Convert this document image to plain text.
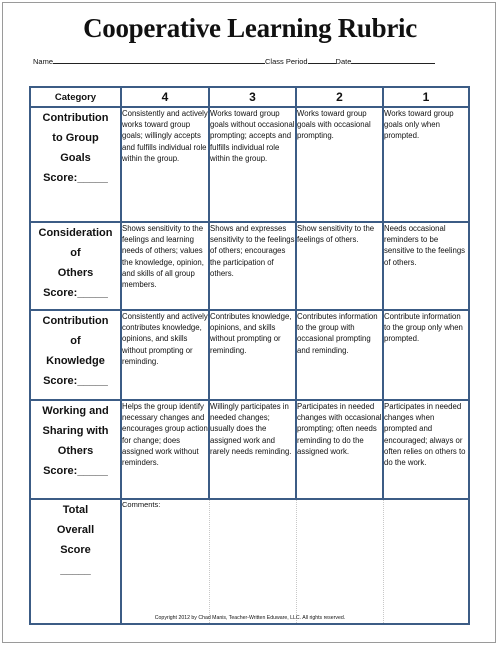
Cooperative Learning Rubric
Name	Class Period	Date
Category	4	3	2	1

Contribution
to Group
Goals
Score:_____	Consistently and actively works toward group goals; willingly accepts and fulfills individual role within the group.	Works toward group goals without occasional prompting; accepts and fulfills individual role within the group.	Works toward group goals with occasional prompting.	Works toward group goals only when prompted.

Consideration
of
Others
Score:_____	Shows sensitivity to the feelings and learning needs of others; values the knowledge, opinion, and skills of all group members.	Shows and expresses sensitivity to the feelings of others; encourages the participation of others.	Show sensitivity to the feelings of others.	Needs occasional reminders to be sensitive to the feelings of others.

Contribution
of
Knowledge
Score:_____	Consistently and actively contributes knowledge, opinions, and skills without prompting or reminding.	Contributes knowledge, opinions, and skills without prompting or reminding.	Contributes information to the group with occasional prompting and reminding.	Contribute information to the group only when prompted.

Working and
Sharing with
Others
Score:_____	Helps the group identify necessary changes and encourages group action for change; does assigned work without reminders.	Willingly participates in needed changes; usually does the assigned work and rarely needs reminding.	Participates in needed changes with occasional prompting; often needs reminding to do the assigned work.	Participates in needed changes when prompted and encouraged; always or often relies on others to do the work.

Total
Overall
Score
_____	Comments:			
Copyright 2012 by Chad Manis, Teacher-Written Eduware, LLC. All rights reserved.
